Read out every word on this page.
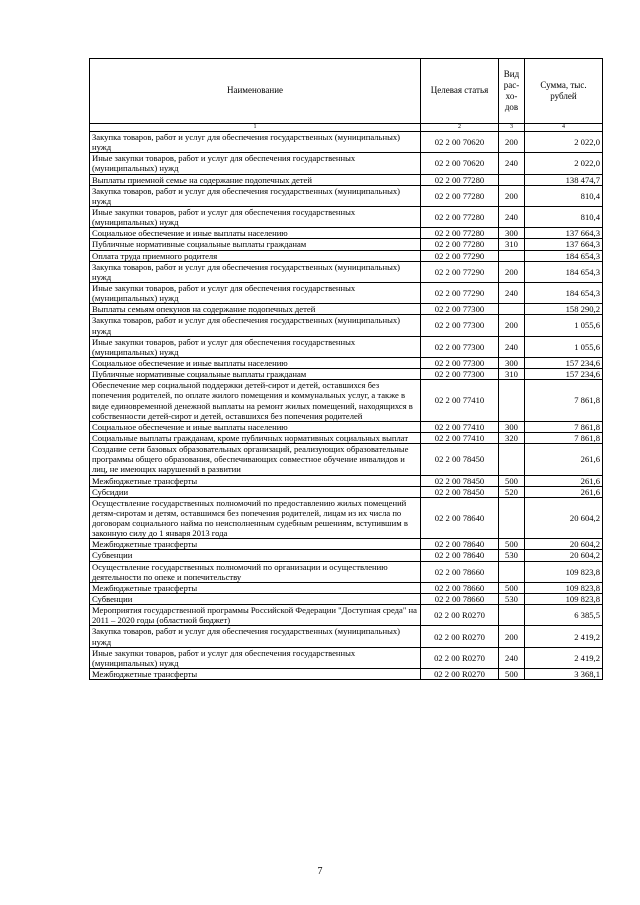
Наименование	Целевая статья	Вид рас-хо-дов	Сумма, тыс. рублей
1	2	3	4
Закупка товаров, работ и услуг для обеспечения государственных (муниципальных) нужд	02 2 00 70620	200	2 022,0
Иные закупки товаров, работ и услуг для обеспечения государственных (муниципальных) нужд	02 2 00 70620	240	2 022,0
Выплаты приемной семье на содержание подопечных детей	02 2 00 77280		138 474,7
Закупка товаров, работ и услуг для обеспечения государственных (муниципальных) нужд	02 2 00 77280	200	810,4
Иные закупки товаров, работ и услуг для обеспечения государственных (муниципальных) нужд	02 2 00 77280	240	810,4
Социальное обеспечение и иные выплаты населению	02 2 00 77280	300	137 664,3
Публичные нормативные социальные выплаты гражданам	02 2 00 77280	310	137 664,3
Оплата труда приемного родителя	02 2 00 77290		184 654,3
Закупка товаров, работ и услуг для обеспечения государственных (муниципальных) нужд	02 2 00 77290	200	184 654,3
Иные закупки товаров, работ и услуг для обеспечения государственных (муниципальных) нужд	02 2 00 77290	240	184 654,3
Выплаты семьям опекунов на содержание подопечных детей	02 2 00 77300		158 290,2
Закупка товаров, работ и услуг для обеспечения государственных (муниципальных) нужд	02 2 00 77300	200	1 055,6
Иные закупки товаров, работ и услуг для обеспечения государственных (муниципальных) нужд	02 2 00 77300	240	1 055,6
Социальное обеспечение и иные выплаты населению	02 2 00 77300	300	157 234,6
Публичные нормативные социальные выплаты гражданам	02 2 00 77300	310	157 234,6
Обеспечение мер социальной поддержки детей-сирот и детей, оставшихся без попечения родителей, по оплате жилого помещения и коммунальных услуг, а также в виде единовременной денежной выплаты на ремонт жилых помещений, находящихся в собственности детей-сирот и детей, оставшихся без попечения родителей	02 2 00 77410		7 861,8
Социальное обеспечение и иные выплаты населению	02 2 00 77410	300	7 861,8
Социальные выплаты гражданам, кроме публичных нормативных социальных выплат	02 2 00 77410	320	7 861,8
Создание сети базовых образовательных организаций, реализующих образовательные программы общего образования, обеспечивающих совместное обучение инвалидов и лиц, не имеющих нарушений в развитии	02 2 00 78450		261,6
Межбюджетные трансферты	02 2 00 78450	500	261,6
Субсидии	02 2 00 78450	520	261,6
Осуществление государственных полномочий по предоставлению жилых помещений детям-сиротам и детям, оставшимся без попечения родителей, лицам из их числа по договорам социального найма по неисполненным судебным решениям, вступившим в законную силу до 1 января 2013 года	02 2 00 78640		20 604,2
Межбюджетные трансферты	02 2 00 78640	500	20 604,2
Субвенции	02 2 00 78640	530	20 604,2
Осуществление государственных полномочий по организации и осуществлению деятельности по опеке и попечительству	02 2 00 78660		109 823,8
Межбюджетные трансферты	02 2 00 78660	500	109 823,8
Субвенции	02 2 00 78660	530	109 823,8
Мероприятия государственной программы Российской Федерации "Доступная среда" на 2011 – 2020 годы (областной бюджет)	02 2 00 R0270		6 385,5
Закупка товаров, работ и услуг для обеспечения государственных (муниципальных) нужд	02 2 00 R0270	200	2 419,2
Иные закупки товаров, работ и услуг для обеспечения государственных (муниципальных) нужд	02 2 00 R0270	240	2 419,2
Межбюджетные трансферты	02 2 00 R0270	500	3 368,1
7
